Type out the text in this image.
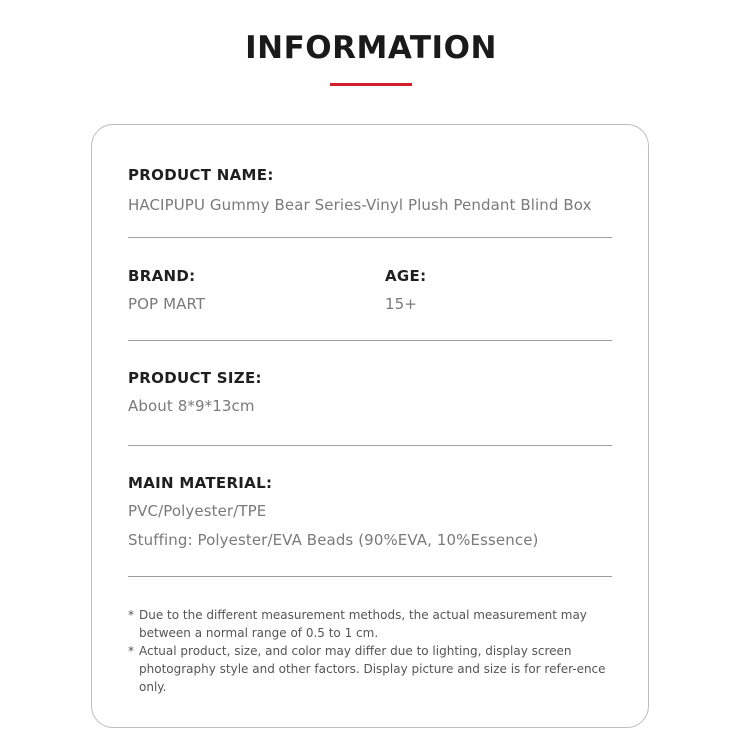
INFORMATION

PRODUCT NAME:

HACIPUPU Gummy Bear Series-Vinyl Plush Pendant Blind Box

BRAND:

POP MART

AGE:

15+

PRODUCT SIZE:

About 8*9*13cm

MAIN MATERIAL:

PVC/Polyester/TPE

Stuffing: Polyester/EVA Beads (90%EVA, 10%Essence)

* Due to the different measurement methods, the actual measurement may between a normal range of 0.5 to 1 cm.
* Actual product, size, and color may differ due to lighting, display screen photography style and other factors. Display picture and size is for refer-ence only.
